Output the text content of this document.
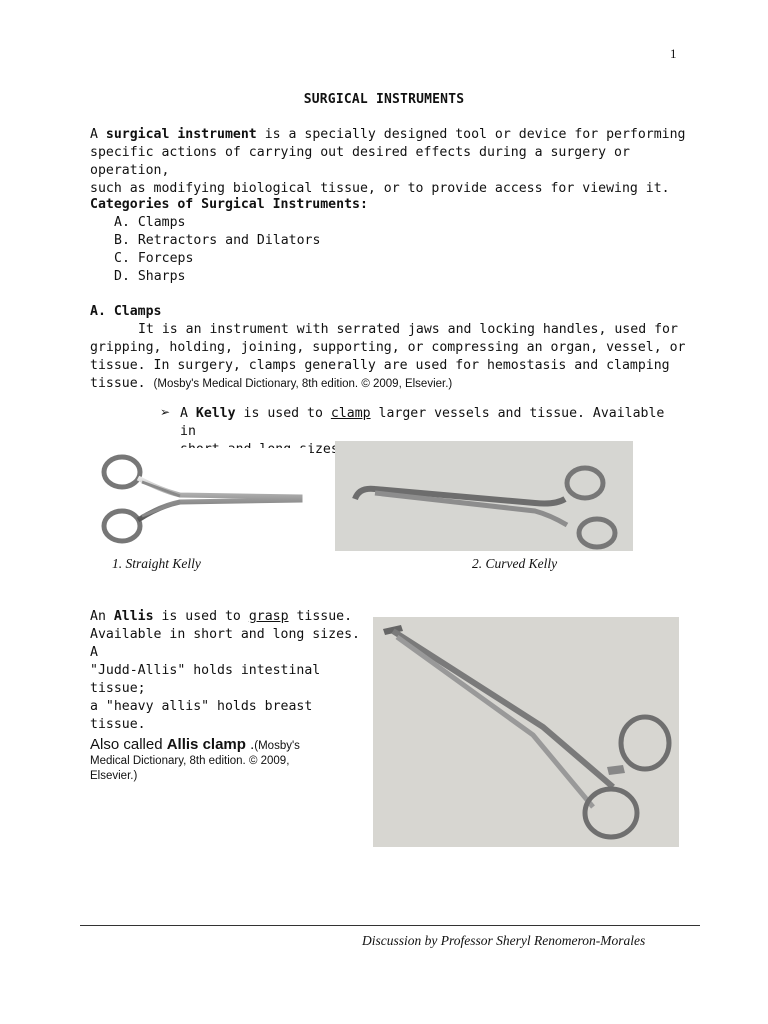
1
SURGICAL INSTRUMENTS

A surgical instrument is a specially designed tool or device for performing

specific actions of carrying out desired effects during a surgery or operation,

such as modifying biological tissue, or to provide access for viewing it.

Categories of Surgical Instruments:
A. Clamps
B. Retractors and Dilators
C. Forceps
D. Sharps
A. Clamps

It is an instrument with serrated jaws and locking handles, used for

gripping, holding, joining, supporting, or compressing an organ, vessel, or

tissue. In surgery, clamps generally are used for hemostasis and clamping

tissue. (Mosby's Medical Dictionary, 8th edition. © 2009, Elsevier.)

➢ A Kelly is used to clamp larger vessels and tissue. Available in

sizes.

1. Straight Kelly	2. Curved Kelly

An Allis is used to grasp tissue.

Available in short and long sizes. A

"Judd-Allis" holds intestinal tissue;

a "heavy allis" holds breast tissue.

Also called Allis clamp .(Mosby's

Medical Dictionary, 8th edition. © 2009,

Elsevier.)

Discussion by Professor Sheryl Renomeron-Morales
